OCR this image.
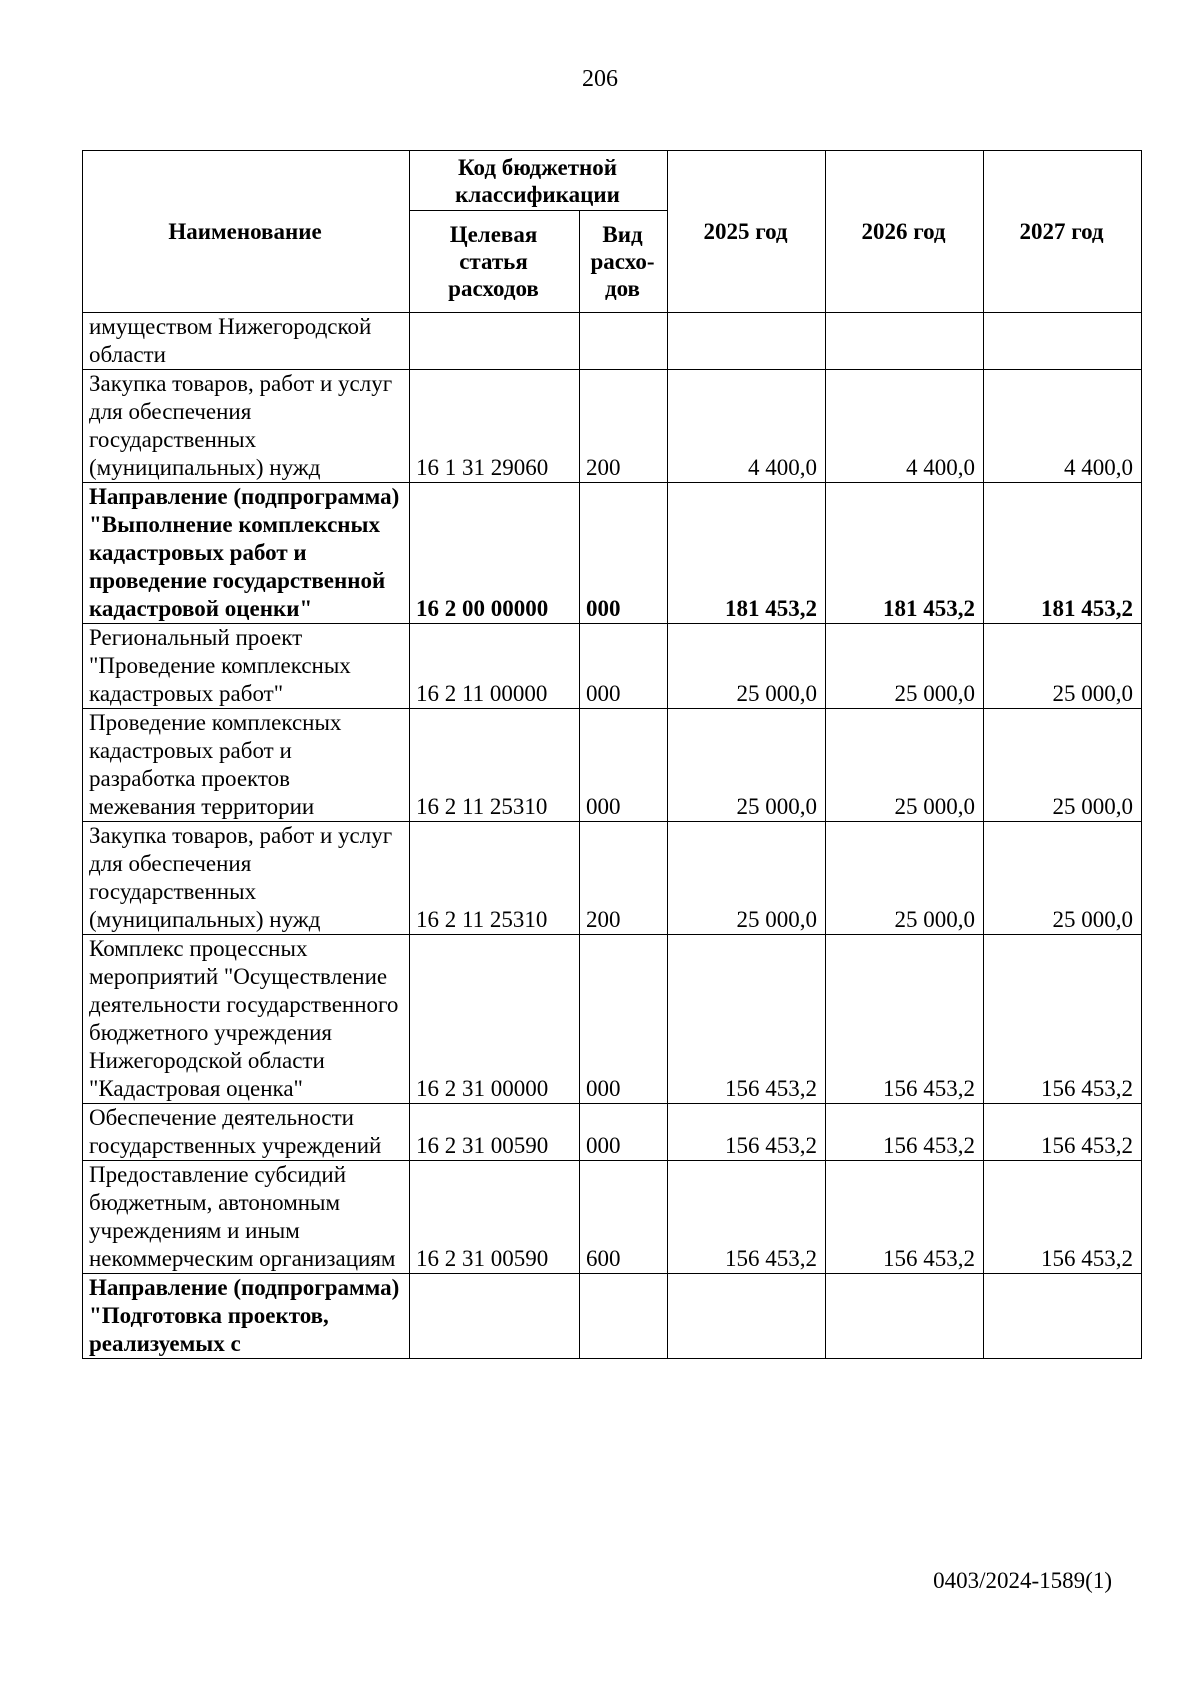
206
Наименование	Код бюджетной классификации		2025 год	2026 год	2027 год
	Целевая статья расходов	Вид расхо-дов			
имуществом Нижегородской области					
Закупка товаров, работ и услуг для обеспечения государственных (муниципальных) нужд	16 1 31 29060	200	4 400,0	4 400,0	4 400,0
Направление (подпрограмма) "Выполнение комплексных кадастровых работ и проведение государственной кадастровой оценки"	16 2 00 00000	000	181 453,2	181 453,2	181 453,2
Региональный проект "Проведение комплексных кадастровых работ"	16 2 11 00000	000	25 000,0	25 000,0	25 000,0
Проведение комплексных кадастровых работ и разработка проектов межевания территории	16 2 11 25310	000	25 000,0	25 000,0	25 000,0
Закупка товаров, работ и услуг для обеспечения государственных (муниципальных) нужд	16 2 11 25310	200	25 000,0	25 000,0	25 000,0
Комплекс процессных мероприятий "Осуществление деятельности государственного бюджетного учреждения Нижегородской области "Кадастровая оценка"	16 2 31 00000	000	156 453,2	156 453,2	156 453,2
Обеспечение деятельности государственных учреждений	16 2 31 00590	000	156 453,2	156 453,2	156 453,2
Предоставление субсидий бюджетным, автономным учреждениям и иным некоммерческим организациям	16 2 31 00590	600	156 453,2	156 453,2	156 453,2
Направление (подпрограмма) "Подготовка проектов, реализуемых с					
0403/2024-1589(1)
